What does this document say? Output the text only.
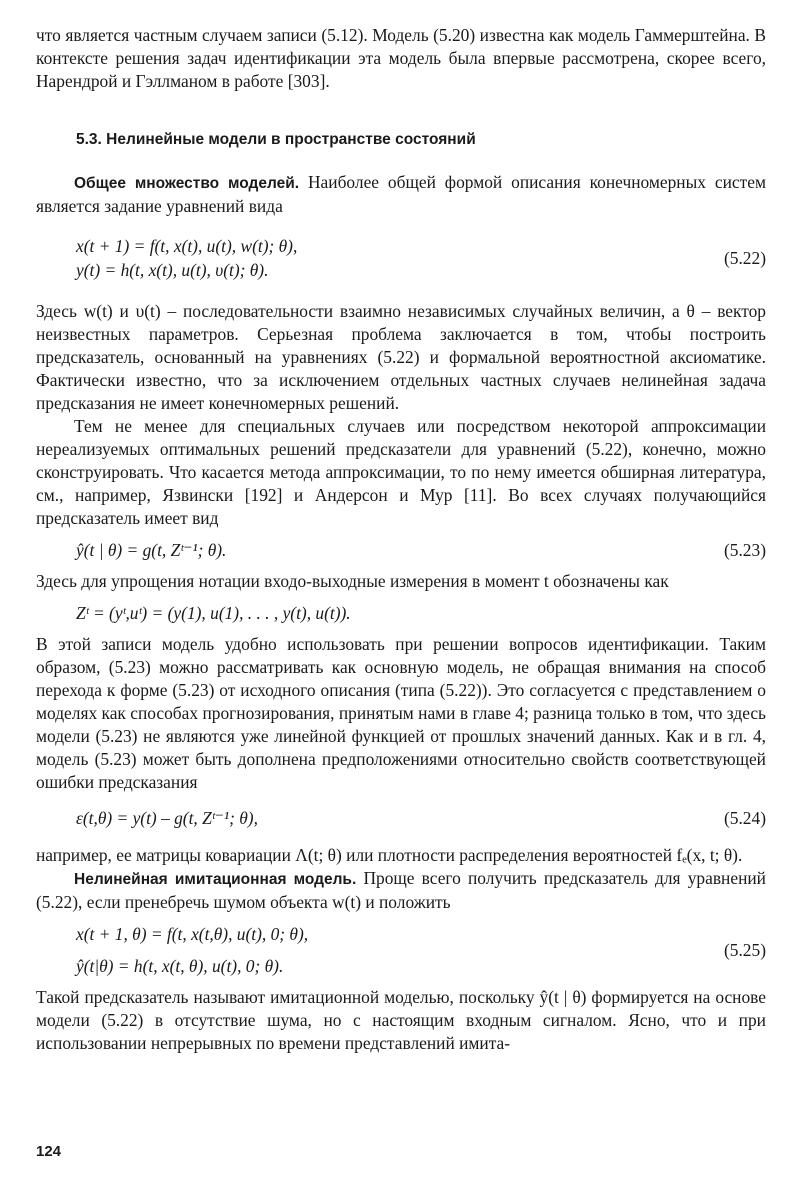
что является частным случаем записи (5.12). Модель (5.20) известна как модель Гаммерштейна. В контексте решения задач идентификации эта модель была впервые рассмотрена, скорее всего, Нарендрой и Гэллманом в работе [303].

5.3. Нелинейные модели в пространстве состояний

Общее множество моделей. Наиболее общей формой описания конечномерных систем является задание уравнений вида

x(t + 1) = f(t, x(t), u(t), w(t); θ),
y(t) = h(t, x(t), u(t), υ(t); θ).
(5.22)

Здесь w(t) и υ(t) – последовательности взаимно независимых случайных величин, а θ – вектор неизвестных параметров. Серьезная проблема заключается в том, чтобы построить предсказатель, основанный на уравнениях (5.22) и формальной вероятностной аксиоматике. Фактически известно, что за исключением отдельных частных случаев нелинейная задача предсказания не имеет конечномерных решений.

Тем не менее для специальных случаев или посредством некоторой аппроксимации нереализуемых оптимальных решений предсказатели для уравнений (5.22), конечно, можно сконструировать. Что касается метода аппроксимации, то по нему имеется обширная литература, см., например, Язвински [192] и Андерсон и Мур [11]. Во всех случаях получающийся предсказатель имеет вид

ŷ(t | θ) = g(t, Zᵗ⁻¹; θ).	(5.23)

Здесь для упрощения нотации входо-выходные измерения в момент t обозначены как

Zᵗ = (yᵗ,uᵗ) = (y(1), u(1), . . . , y(t), u(t)).

В этой записи модель удобно использовать при решении вопросов идентификации. Таким образом, (5.23) можно рассматривать как основную модель, не обращая внимания на способ перехода к форме (5.23) от исходного описания (типа (5.22)). Это согласуется с представлением о моделях как способах прогнозирования, принятым нами в главе 4; разница только в том, что здесь модели (5.23) не являются уже линейной функцией от прошлых значений данных. Как и в гл. 4, модель (5.23) может быть дополнена предположениями относительно свойств соответствующей ошибки предсказания

ε(t,θ) = y(t) – g(t, Zᵗ⁻¹; θ),	(5.24)

например, ее матрицы ковариации Λ(t; θ) или плотности распределения вероятностей fₑ(x, t; θ).

Нелинейная имитационная модель. Проще всего получить предсказатель для уравнений (5.22), если пренебречь шумом объекта w(t) и положить

x(t + 1, θ) = f(t, x(t,θ), u(t), 0; θ),
ŷ(t|θ) = h(t, x(t, θ), u(t), 0; θ).
(5.25)

Такой предсказатель называют имитационной моделью, поскольку ŷ(t | θ) формируется на основе модели (5.22) в отсутствие шума, но с настоящим входным сигналом. Ясно, что и при использовании непрерывных по времени представлений имита-

124
